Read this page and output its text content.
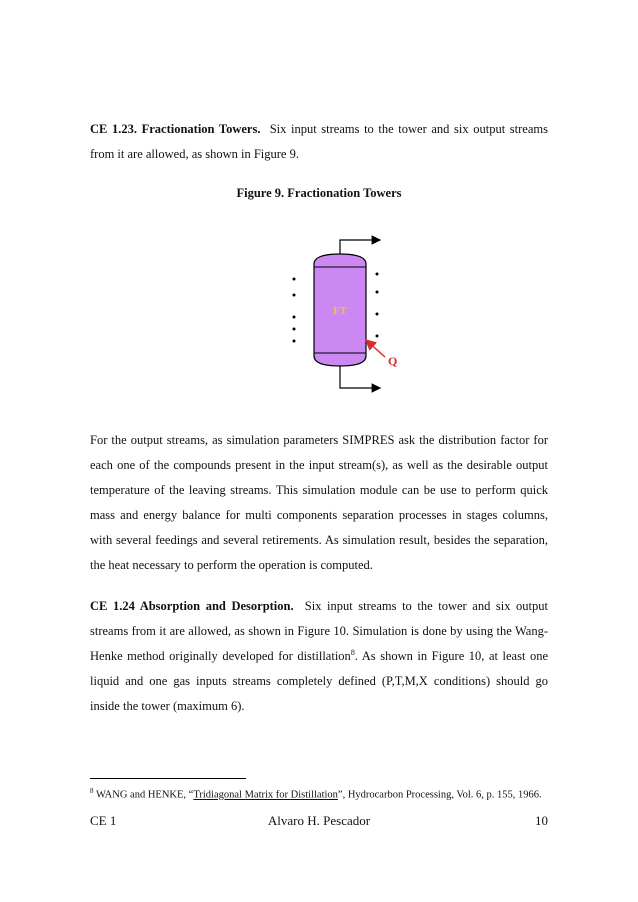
CE 1.23. Fractionation Towers. Six input streams to the tower and six output streams from it are allowed, as shown in Figure 9.

Figure 9. Fractionation Towers
FT
Q

For the output streams, as simulation parameters SIMPRES ask the distribution factor for each one of the compounds present in the input stream(s), as well as the desirable output temperature of the leaving streams. This simulation module can be use to perform quick mass and energy balance for multi components separation processes in stages columns, with several feedings and several retirements. As simulation result, besides the separation, the heat necessary to perform the operation is computed.

CE 1.24 Absorption and Desorption. Six input streams to the tower and six output streams from it are allowed, as shown in Figure 10. Simulation is done by using the Wang-Henke method originally developed for distillation$^8$. As shown in Figure 10, at least one liquid and one gas inputs streams completely defined (P,T,M,X conditions) should go inside the tower (maximum 6).

$^8$ WANG and HENKE, “Tridiagonal Matrix for Distillation”, Hydrocarbon Processing, Vol. 6, p. 155, 1966.

CE 1	Alvaro H. Pescador	10
